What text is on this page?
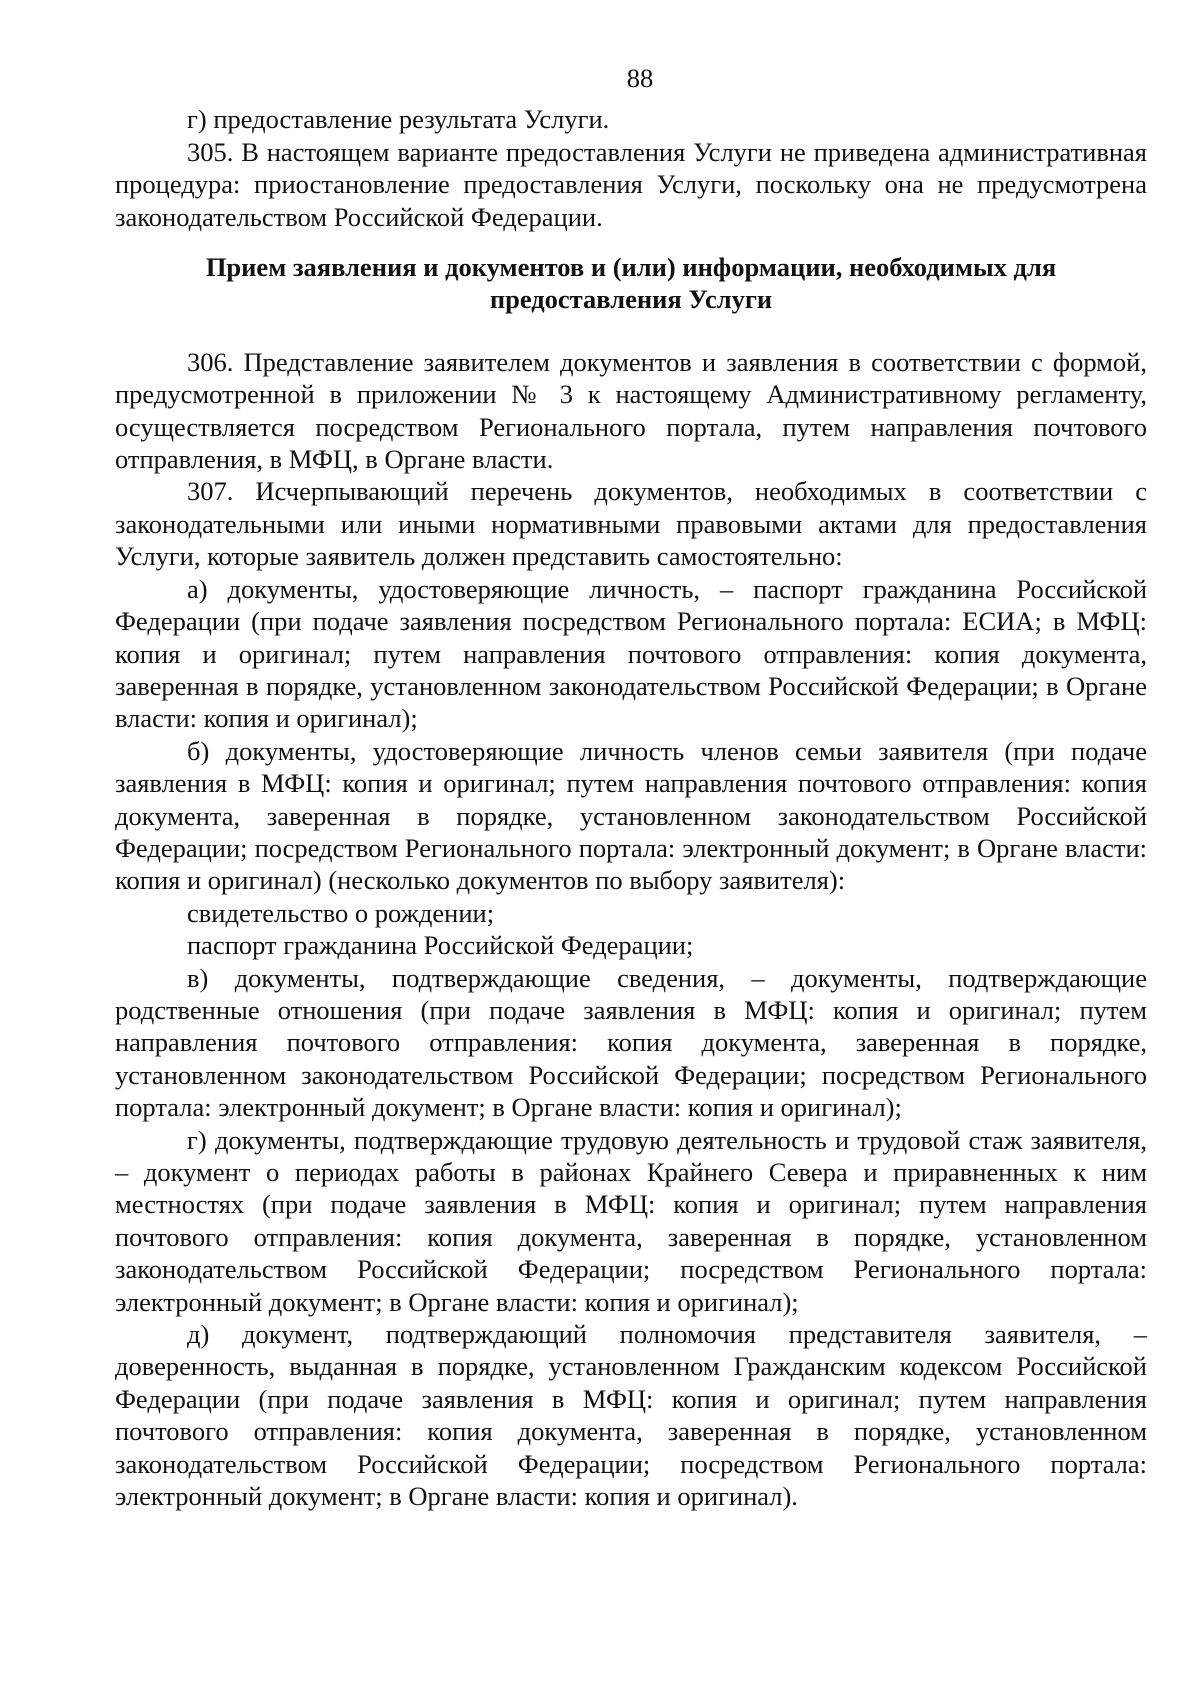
88

г) предоставление результата Услуги.

305. В настоящем варианте предоставления Услуги не приведена административная процедура: приостановление предоставления Услуги, поскольку она не предусмотрена законодательством Российской Федерации.

Прием заявления и документов и (или) информации, необходимых для предоставления Услуги

306. Представление заявителем документов и заявления в соответствии с формой, предусмотренной в приложении № 3 к настоящему Административному регламенту, осуществляется посредством Регионального портала, путем направления почтового отправления, в МФЦ, в Органе власти.

307. Исчерпывающий перечень документов, необходимых в соответствии с законодательными или иными нормативными правовыми актами для предоставления Услуги, которые заявитель должен представить самостоятельно:

а) документы, удостоверяющие личность, – паспорт гражданина Российской Федерации (при подаче заявления посредством Регионального портала: ЕСИА; в МФЦ: копия и оригинал; путем направления почтового отправления: копия документа, заверенная в порядке, установленном законодательством Российской Федерации; в Органе власти: копия и оригинал);

б) документы, удостоверяющие личность членов семьи заявителя (при подаче заявления в МФЦ: копия и оригинал; путем направления почтового отправления: копия документа, заверенная в порядке, установленном законодательством Российской Федерации; посредством Регионального портала: электронный документ; в Органе власти: копия и оригинал) (несколько документов по выбору заявителя):

свидетельство о рождении;

паспорт гражданина Российской Федерации;

в) документы, подтверждающие сведения, – документы, подтверждающие родственные отношения (при подаче заявления в МФЦ: копия и оригинал; путем направления почтового отправления: копия документа, заверенная в порядке, установленном законодательством Российской Федерации; посредством Регионального портала: электронный документ; в Органе власти: копия и оригинал);

г) документы, подтверждающие трудовую деятельность и трудовой стаж заявителя, – документ о периодах работы в районах Крайнего Севера и приравненных к ним местностях (при подаче заявления в МФЦ: копия и оригинал; путем направления почтового отправления: копия документа, заверенная в порядке, установленном законодательством Российской Федерации; посредством Регионального портала: электронный документ; в Органе власти: копия и оригинал);

д) документ, подтверждающий полномочия представителя заявителя, – доверенность, выданная в порядке, установленном Гражданским кодексом Российской Федерации (при подаче заявления в МФЦ: копия и оригинал; путем направления почтового отправления: копия документа, заверенная в порядке, установленном законодательством Российской Федерации; посредством Регионального портала: электронный документ; в Органе власти: копия и оригинал).
